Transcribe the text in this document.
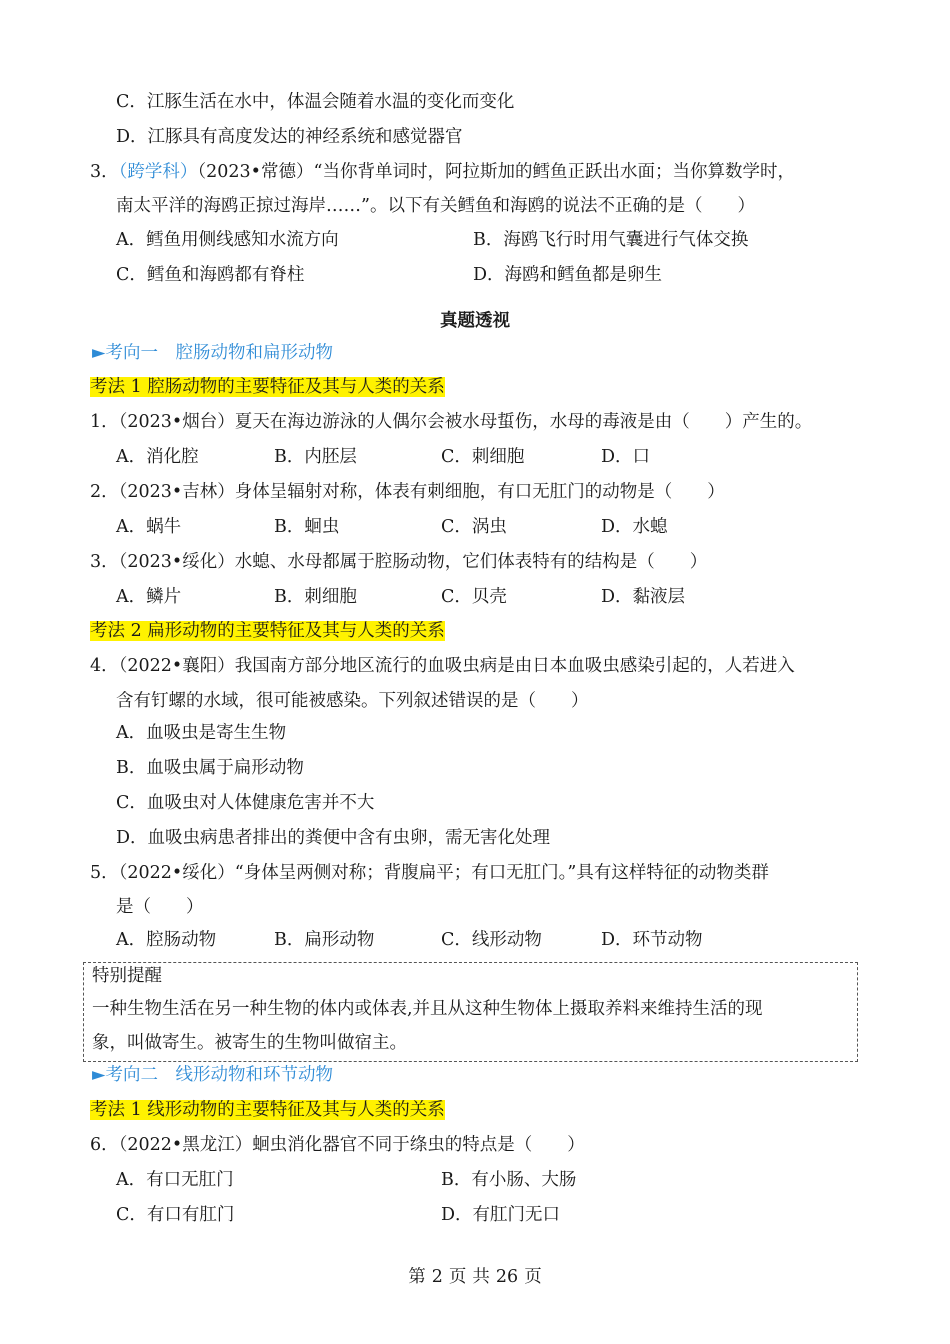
C．江豚生活在水中，体温会随着水温的变化而变化
D．江豚具有高度发达的神经系统和感觉器官
3．（跨学科）（2023•常德）“当你背单词时，阿拉斯加的鳕鱼正跃出水面；当你算数学时，
南太平洋的海鸥正掠过海岸……”。以下有关鳕鱼和海鸥的说法不正确的是（　　）
A．鳕鱼用侧线感知水流方向	B．海鸥飞行时用气囊进行气体交换
C．鳕鱼和海鸥都有脊柱	D．海鸥和鳕鱼都是卵生
真题透视
►考向一　腔肠动物和扁形动物
考法 1 腔肠动物的主要特征及其与人类的关系
1．（2023•烟台）夏天在海边游泳的人偶尔会被水母蜇伤，水母的毒液是由（　　）产生的。
A．消化腔	B．内胚层	C．刺细胞	D．口
2．（2023•吉林）身体呈辐射对称，体表有刺细胞，有口无肛门的动物是（　　）
A．蜗牛	B．蛔虫	C．涡虫	D．水螅
3．（2023•绥化）水螅、水母都属于腔肠动物，它们体表特有的结构是（　　）
A．鳞片	B．刺细胞	C．贝壳	D．黏液层
考法 2 扁形动物的主要特征及其与人类的关系
4．（2022•襄阳）我国南方部分地区流行的血吸虫病是由日本血吸虫感染引起的，人若进入
含有钉螺的水域，很可能被感染。下列叙述错误的是（　　）
A．血吸虫是寄生生物
B．血吸虫属于扁形动物
C．血吸虫对人体健康危害并不大
D．血吸虫病患者排出的粪便中含有虫卵，需无害化处理
5．（2022•绥化）“身体呈两侧对称；背腹扁平；有口无肛门。”具有这样特征的动物类群
是（　　）
A．腔肠动物	B．扁形动物	C．线形动物	D．环节动物
特别提醒
一种生物生活在另一种生物的体内或体表,并且从这种生物体上摄取养料来维持生活的现
象，叫做寄生。被寄生的生物叫做宿主。
►考向二　线形动物和环节动物
考法 1 线形动物的主要特征及其与人类的关系
6．（2022•黑龙江）蛔虫消化器官不同于绦虫的特点是（　　）
A．有口无肛门	B．有小肠、大肠
C．有口有肛门	D．有肛门无口
第 2 页 共 26 页
